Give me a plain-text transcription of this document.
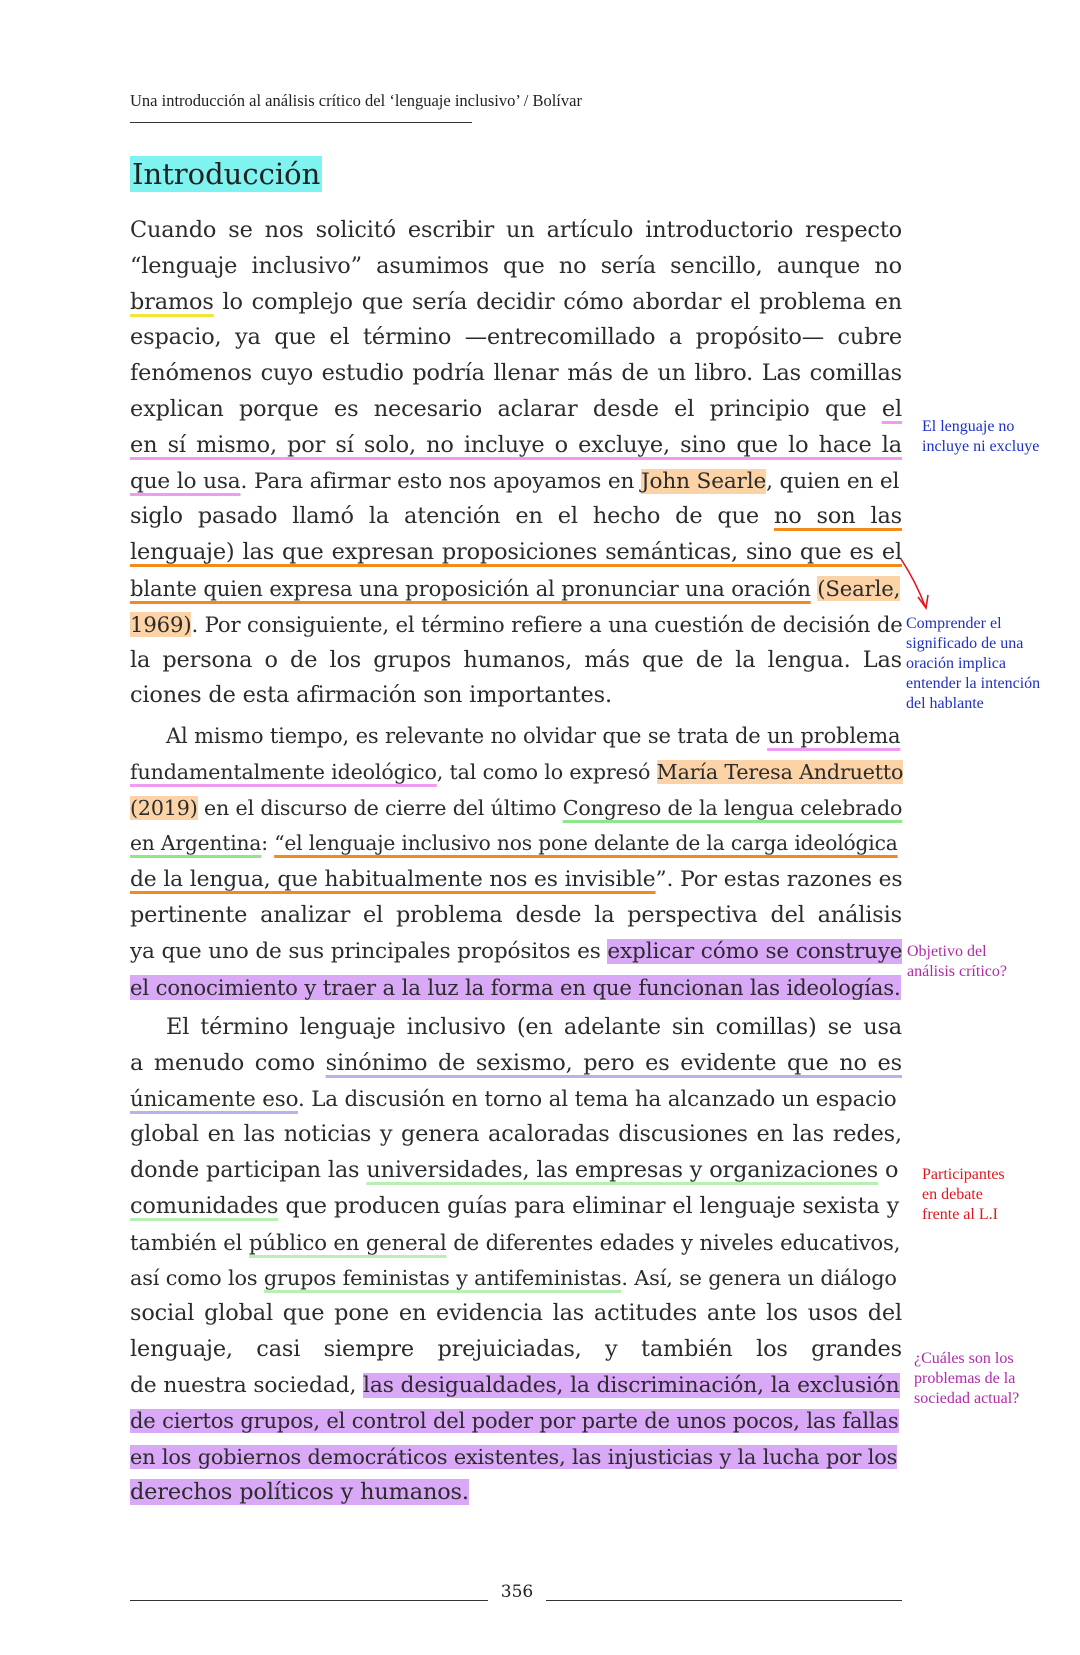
Una introducción al análisis crítico del ‘lenguaje inclusivo’ / Bolívar
Introducción
Cuando se nos solicitó escribir un artículo introductorio respecto
“lenguaje inclusivo” asumimos que no sería sencillo, aunque no
bramos lo complejo que sería decidir cómo abordar el problema en
espacio, ya que el término —entrecomillado a propósito— cubre
fenómenos cuyo estudio podría llenar más de un libro. Las comillas
explican porque es necesario aclarar desde el principio que el
en sí mismo, por sí solo, no incluye o excluye, sino que lo hace la
que lo usa. Para afirmar esto nos apoyamos en John Searle, quien en el
siglo pasado llamó la atención en el hecho de que no son las
lenguaje) las que expresan proposiciones semánticas, sino que es el
blante quien expresa una proposición al pronunciar una oración (Searle,
1969). Por consiguiente, el término refiere a una cuestión de decisión de
la persona o de los grupos humanos, más que de la lengua. Las
ciones de esta afirmación son importantes.
Al mismo tiempo, es relevante no olvidar que se trata de un problema
fundamentalmente ideológico, tal como lo expresó María Teresa Andruetto
(2019) en el discurso de cierre del último Congreso de la lengua celebrado
en Argentina: “el lenguaje inclusivo nos pone delante de la carga ideológica
de la lengua, que habitualmente nos es invisible”. Por estas razones es
pertinente analizar el problema desde la perspectiva del análisis
ya que uno de sus principales propósitos es explicar cómo se construye
el conocimiento y traer a la luz la forma en que funcionan las ideologías.
El término lenguaje inclusivo (en adelante sin comillas) se usa
a menudo como sinónimo de sexismo, pero es evidente que no es
únicamente eso. La discusión en torno al tema ha alcanzado un espacio
global en las noticias y genera acaloradas discusiones en las redes,
donde participan las universidades, las empresas y organizaciones o
comunidades que producen guías para eliminar el lenguaje sexista y
también el público en general de diferentes edades y niveles educativos,
así como los grupos feministas y antifeministas. Así, se genera un diálogo
social global que pone en evidencia las actitudes ante los usos del
lenguaje, casi siempre prejuiciadas, y también los grandes
de nuestra sociedad, las desigualdades, la discriminación, la exclusión
de ciertos grupos, el control del poder por parte de unos pocos, las fallas
en los gobiernos democráticos existentes, las injusticias y la lucha por los
derechos políticos y humanos.
El lenguaje no
incluye ni excluye
Comprender el
significado de una
oración implica
entender la intención
del hablante
Objetivo del
análisis crítico?
Participantes
en debate
frente al L.I
¿Cuáles son los
problemas de la
sociedad actual?
356
